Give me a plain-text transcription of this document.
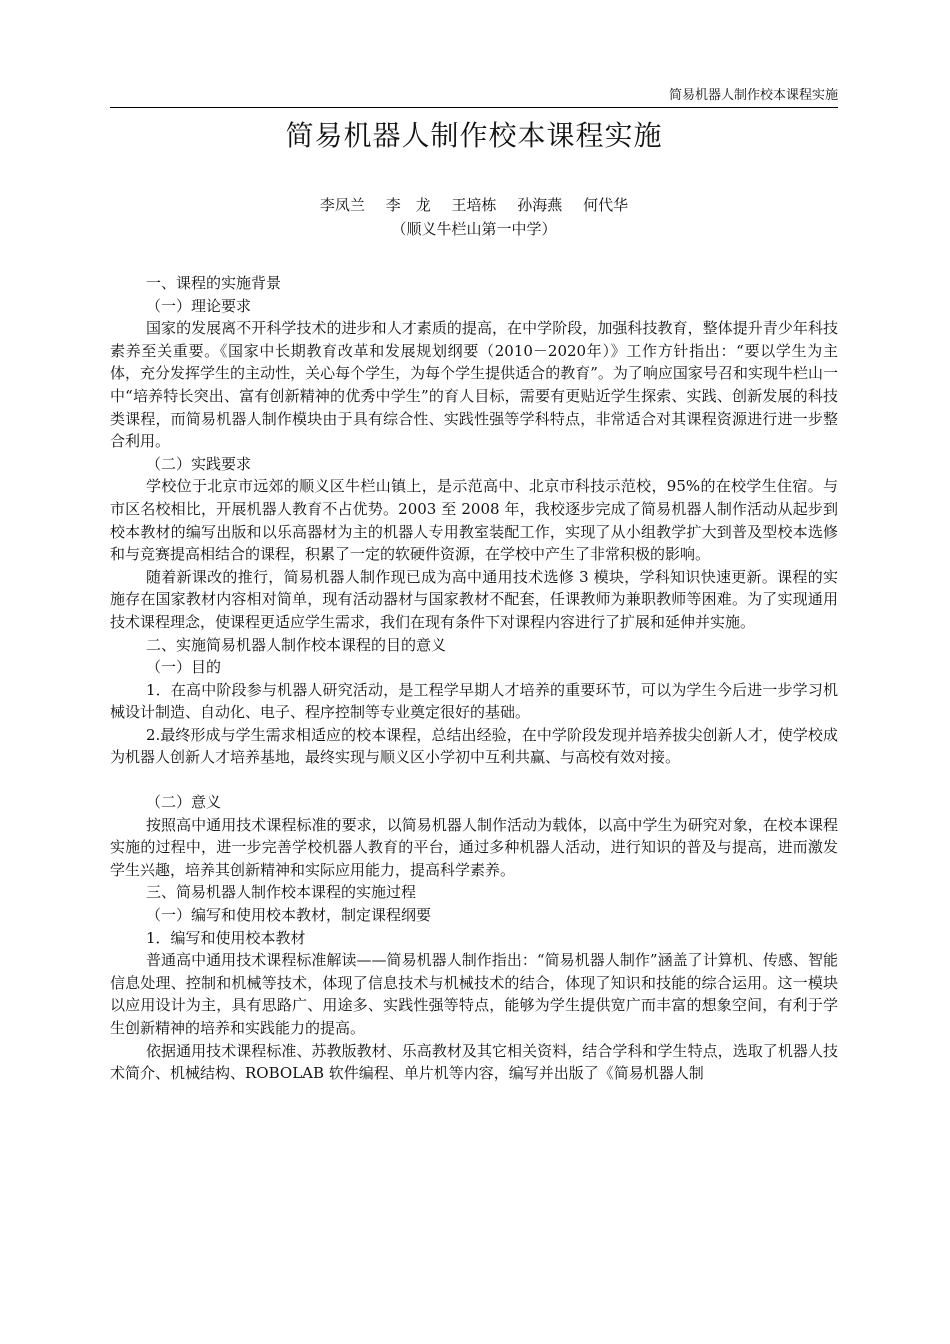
简易机器人制作校本课程实施
简易机器人制作校本课程实施
李凤兰 李　龙 王培栋 孙海燕 何代华
（顺义牛栏山第一中学）

一、课程的实施背景

（一）理论要求

国家的发展离不开科学技术的进步和人才素质的提高，在中学阶段，加强科技教育，整体提升青少年科技素养至关重要。《国家中长期教育改革和发展规划纲要（2010－2020年）》工作方针指出：“要以学生为主体，充分发挥学生的主动性，关心每个学生，为每个学生提供适合的教育”。为了响应国家号召和实现牛栏山一中“培养特长突出、富有创新精神的优秀中学生”的育人目标，需要有更贴近学生探索、实践、创新发展的科技类课程，而简易机器人制作模块由于具有综合性、实践性强等学科特点，非常适合对其课程资源进行进一步整合利用。

（二）实践要求

学校位于北京市远郊的顺义区牛栏山镇上，是示范高中、北京市科技示范校，95%的在校学生住宿。与市区名校相比，开展机器人教育不占优势。2003 至 2008 年，我校逐步完成了简易机器人制作活动从起步到校本教材的编写出版和以乐高器材为主的机器人专用教室装配工作，实现了从小组教学扩大到普及型校本选修和与竞赛提高相结合的课程，积累了一定的软硬件资源，在学校中产生了非常积极的影响。

随着新课改的推行，简易机器人制作现已成为高中通用技术选修 3 模块，学科知识快速更新。课程的实施存在国家教材内容相对简单，现有活动器材与国家教材不配套，任课教师为兼职教师等困难。为了实现通用技术课程理念，使课程更适应学生需求，我们在现有条件下对课程内容进行了扩展和延伸并实施。

二、实施简易机器人制作校本课程的目的意义

（一）目的

1．在高中阶段参与机器人研究活动，是工程学早期人才培养的重要环节，可以为学生今后进一步学习机械设计制造、自动化、电子、程序控制等专业奠定很好的基础。

2.最终形成与学生需求相适应的校本课程，总结出经验，在中学阶段发现并培养拔尖创新人才，使学校成为机器人创新人才培养基地，最终实现与顺义区小学初中互利共赢、与高校有效对接。

（二）意义

按照高中通用技术课程标准的要求，以简易机器人制作活动为载体，以高中学生为研究对象，在校本课程实施的过程中，进一步完善学校机器人教育的平台，通过多种机器人活动，进行知识的普及与提高，进而激发学生兴趣，培养其创新精神和实际应用能力，提高科学素养。

三、简易机器人制作校本课程的实施过程

（一）编写和使用校本教材，制定课程纲要

1．编写和使用校本教材

普通高中通用技术课程标准解读——简易机器人制作指出：“简易机器人制作”涵盖了计算机、传感、智能信息处理、控制和机械等技术，体现了信息技术与机械技术的结合，体现了知识和技能的综合运用。这一模块以应用设计为主，具有思路广、用途多、实践性强等特点，能够为学生提供宽广而丰富的想象空间，有利于学生创新精神的培养和实践能力的提高。

依据通用技术课程标准、苏教版教材、乐高教材及其它相关资料，结合学科和学生特点，选取了机器人技术简介、机械结构、ROBOLAB 软件编程、单片机等内容，编写并出版了《简易机器人制
